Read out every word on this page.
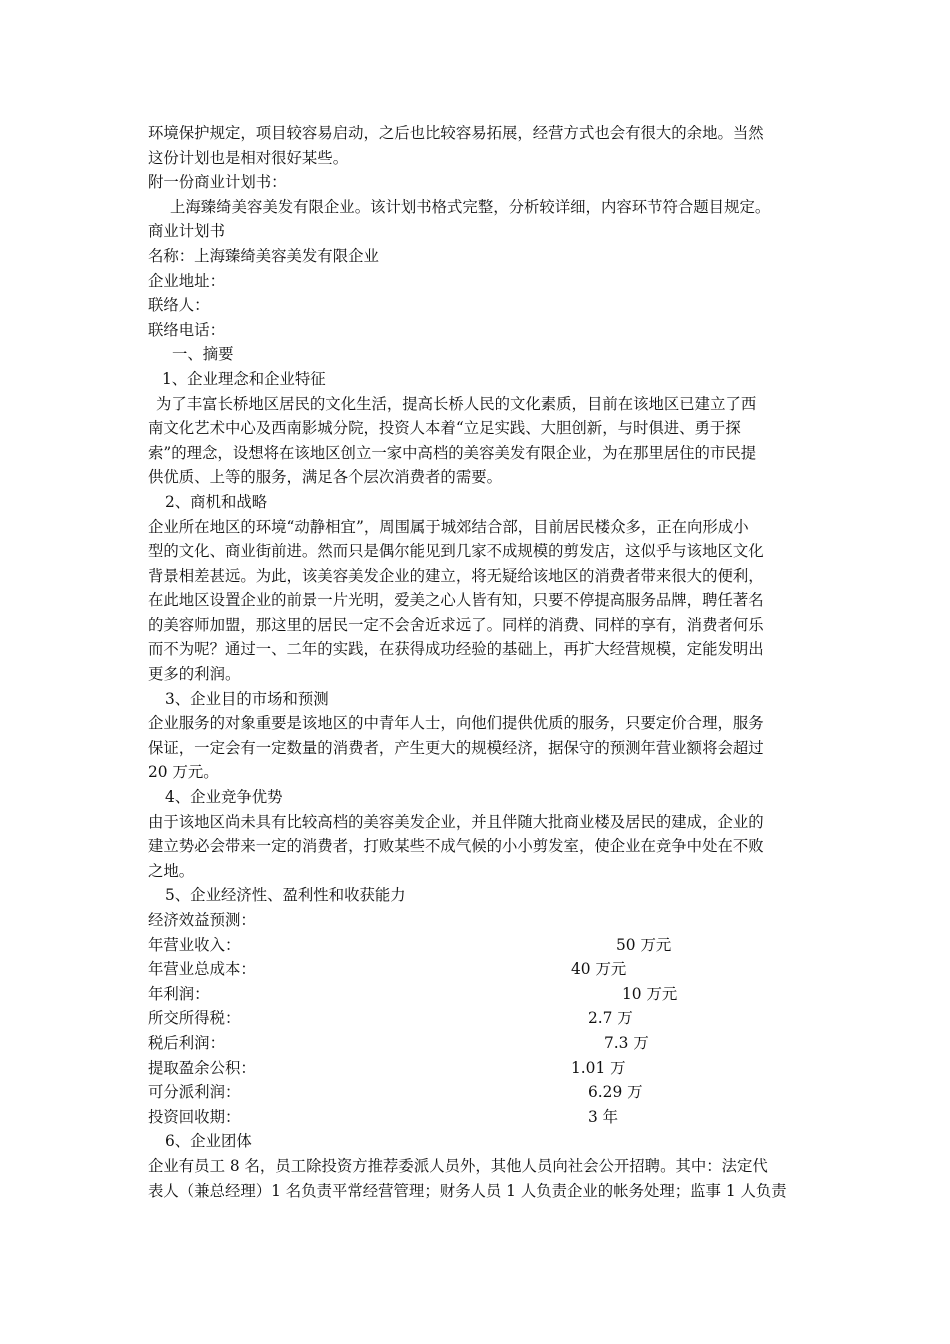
环境保护规定，项目较容易启动，之后也比较容易拓展，经营方式也会有很大的余地。当然
这份计划也是相对很好某些。
附一份商业计划书：
上海臻绮美容美发有限企业。该计划书格式完整，分析较详细，内容环节符合题目规定。
商业计划书
名称：上海臻绮美容美发有限企业
企业地址：
联络人：
联络电话：
一、摘要
1、企业理念和企业特征
为了丰富长桥地区居民的文化生活，提高长桥人民的文化素质，目前在该地区已建立了西
南文化艺术中心及西南影城分院，投资人本着“立足实践、大胆创新，与时俱进、勇于探
索”的理念，设想将在该地区创立一家中高档的美容美发有限企业，为在那里居住的市民提
供优质、上等的服务，满足各个层次消费者的需要。
2、商机和战略
企业所在地区的环境“动静相宜”，周围属于城郊结合部，目前居民楼众多，正在向形成小
型的文化、商业街前进。然而只是偶尔能见到几家不成规模的剪发店，这似乎与该地区文化
背景相差甚远。为此，该美容美发企业的建立，将无疑给该地区的消费者带来很大的便利，
在此地区设置企业的前景一片光明，爱美之心人皆有知，只要不停提高服务品牌，聘任著名
的美容师加盟，那这里的居民一定不会舍近求远了。同样的消费、同样的享有，消费者何乐
而不为呢？通过一、二年的实践，在获得成功经验的基础上，再扩大经营规模，定能发明出
更多的利润。
3、企业目的市场和预测
企业服务的对象重要是该地区的中青年人士，向他们提供优质的服务，只要定价合理，服务
保证，一定会有一定数量的消费者，产生更大的规模经济，据保守的预测年营业额将会超过
20 万元。
4、企业竞争优势
由于该地区尚未具有比较高档的美容美发企业，并且伴随大批商业楼及居民的建成，企业的
建立势必会带来一定的消费者，打败某些不成气候的小小剪发室，使企业在竞争中处在不败
之地。
5、企业经济性、盈利性和收获能力
经济效益预测：
年营业收入：	50 万元
年营业总成本：	40 万元
年利润：	10 万元
所交所得税：	2.7 万
税后利润：	7.3 万
提取盈余公积：	1.01 万
可分派利润：	6.29 万
投资回收期：	3 年
6、企业团体
企业有员工 8 名，员工除投资方推荐委派人员外，其他人员向社会公开招聘。其中：法定代
表人（兼总经理）1 名负责平常经营管理；财务人员 1 人负责企业的帐务处理；监事 1 人负责
